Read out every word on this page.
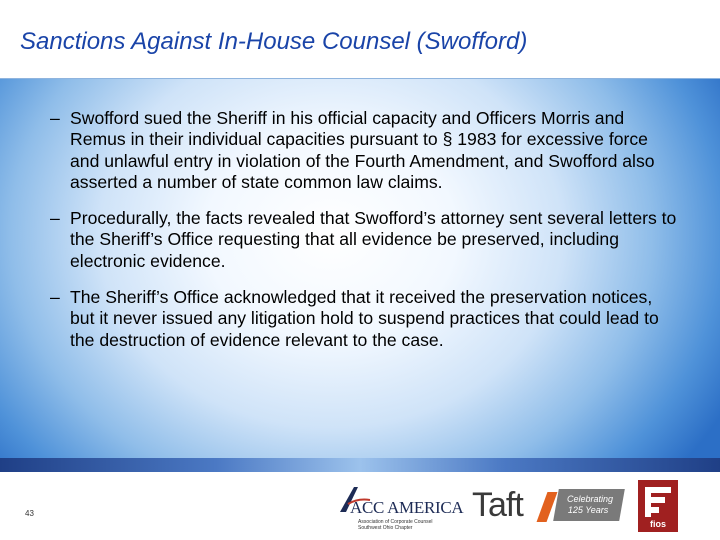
Sanctions Against In-House Counsel (Swofford)
– Swofford sued the Sheriff in his official capacity and Officers Morris and Remus in their individual capacities pursuant to § 1983 for excessive force and unlawful entry in violation of the Fourth Amendment, and Swofford also asserted a number of state common law claims.
– Procedurally, the facts revealed that Swofford’s attorney sent several letters to the Sheriff’s Office requesting that all evidence be preserved, including electronic evidence.
– The Sheriff’s Office acknowledged that it received the preservation notices, but it never issued any litigation hold to suspend practices that could lead to the destruction of evidence relevant to the case.
43	ACC AMERICA
Association of Corporate Counsel
Southwest Ohio Chapter
Taft	Celebrating
125 Years
fios
